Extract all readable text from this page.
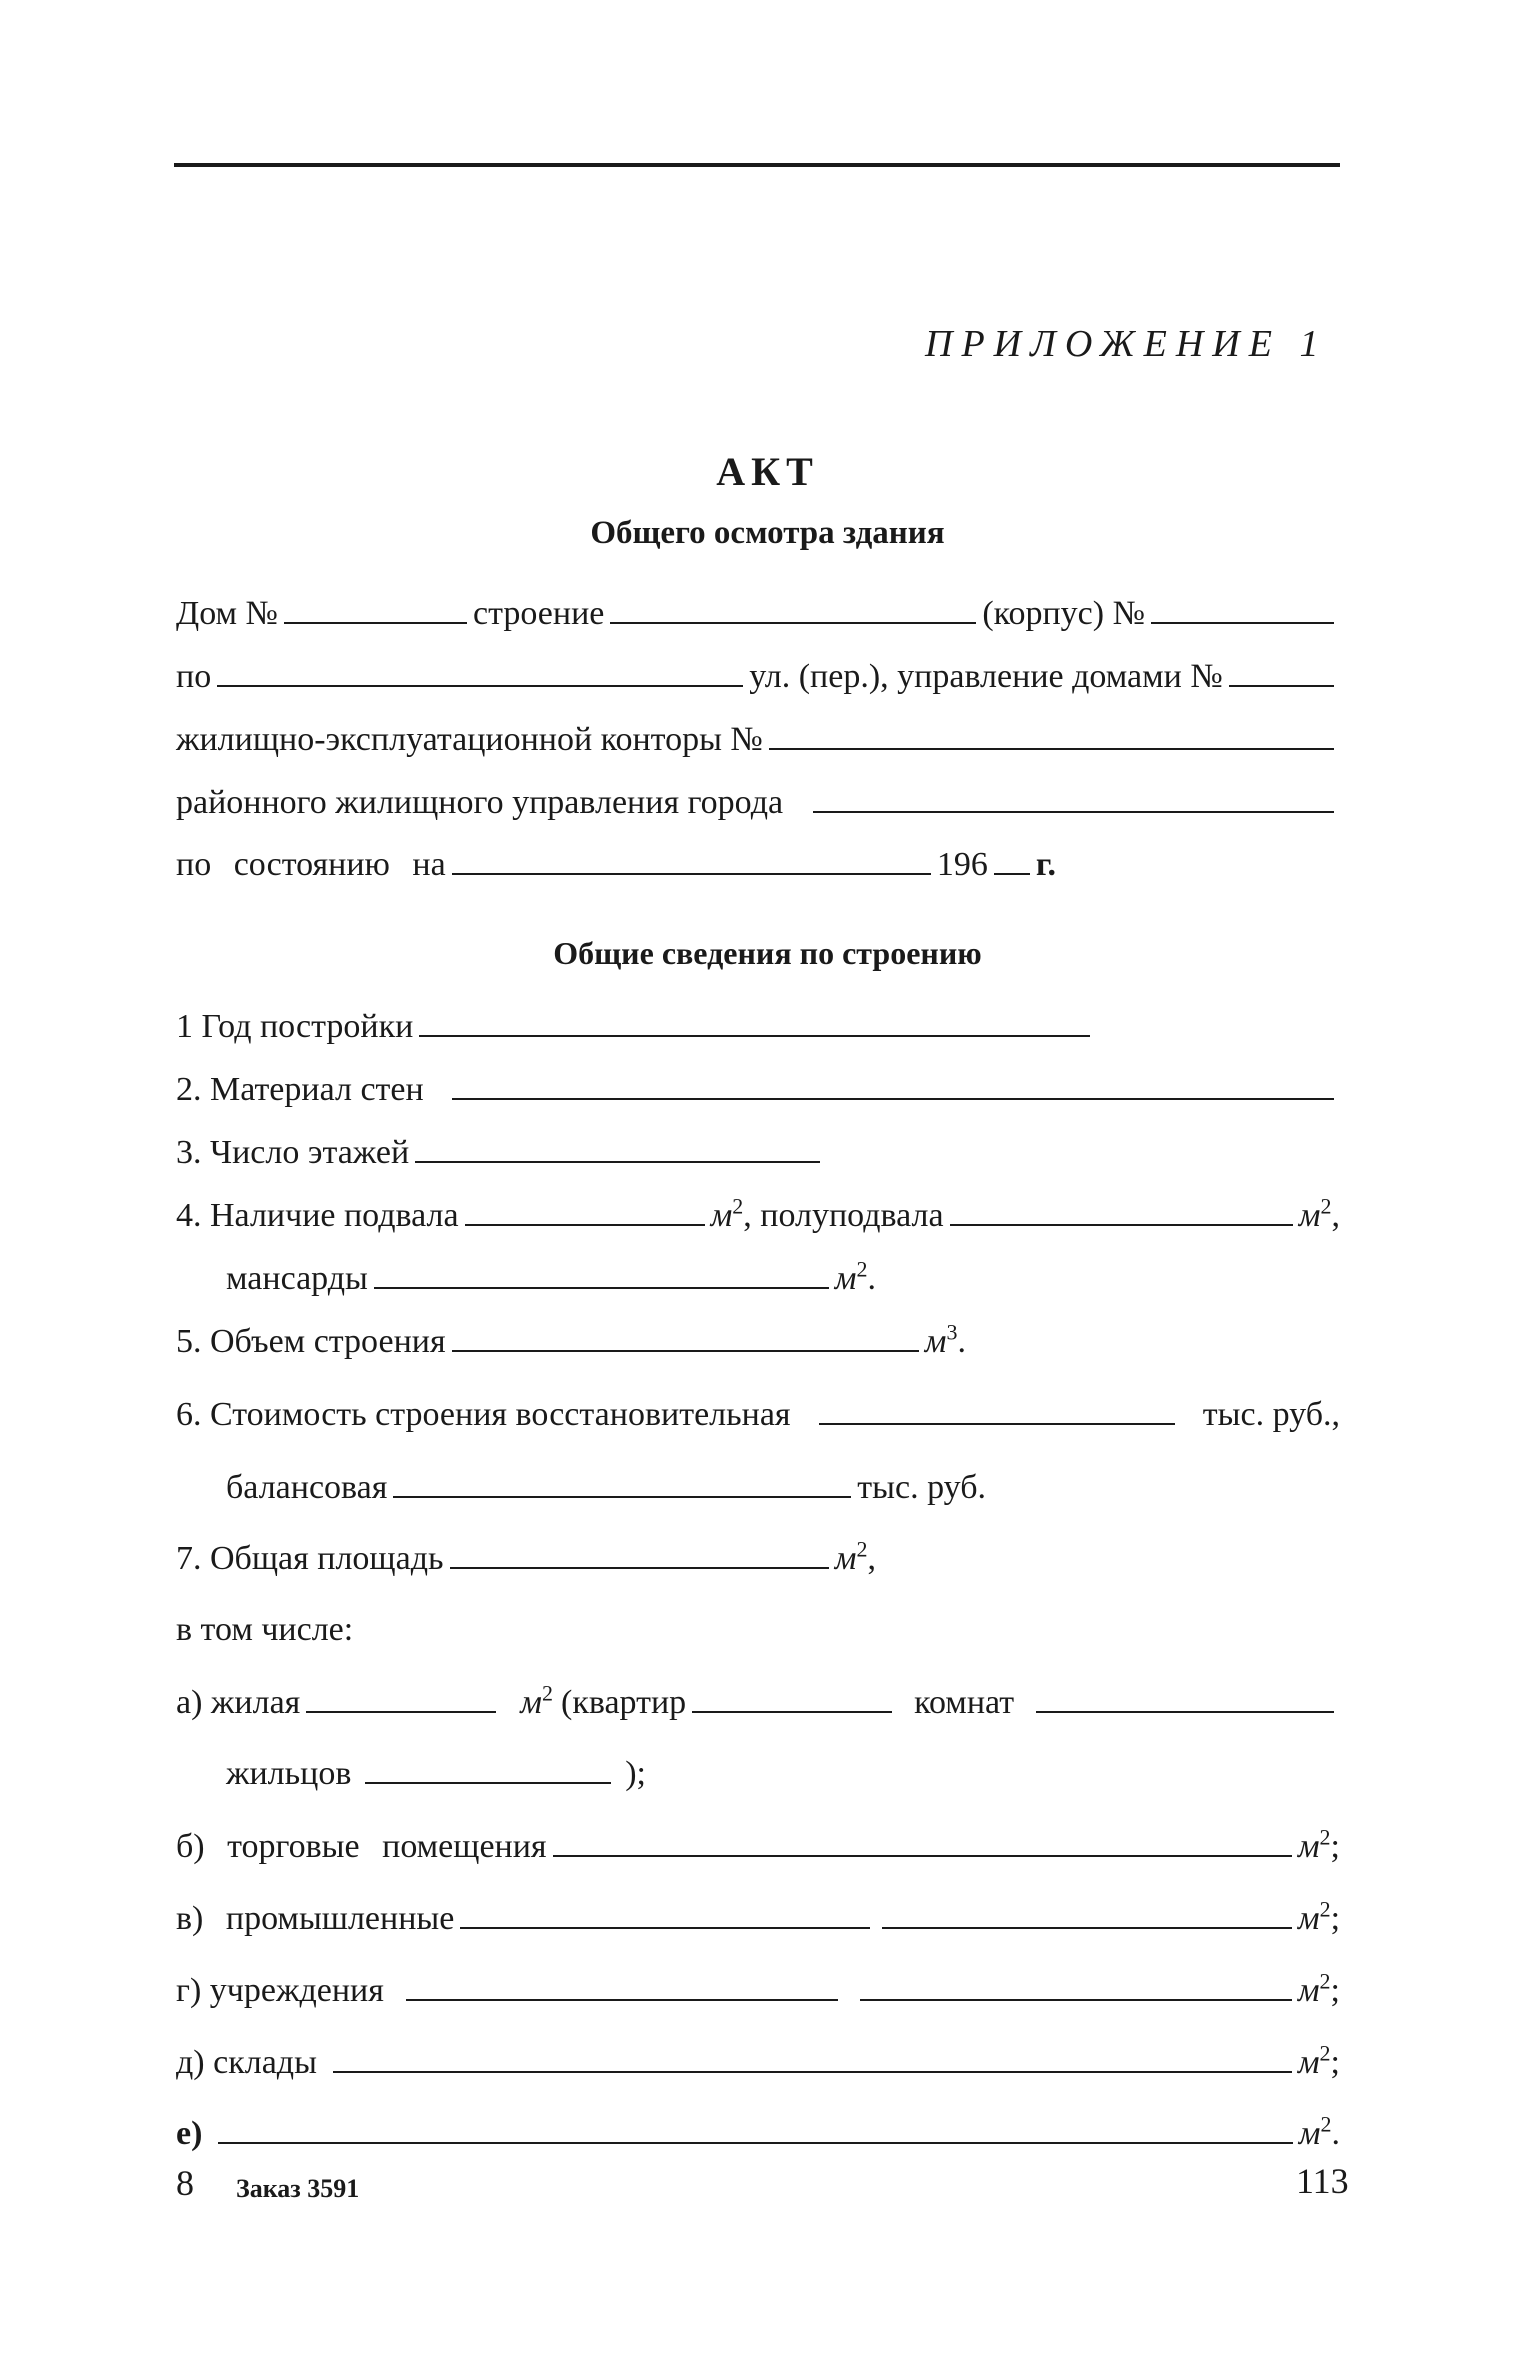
ПРИЛОЖЕНИЕ 1
АКТ
Общего осмотра здания
Дом №	строение	(корпус) №
по	ул. (пер.), управление домами №
жилищно-эксплуатационной конторы №
районного жилищного управления города
по состоянию на	196 г.
Общие сведения по строению
1 Год постройки
2. Материал стен
3. Число этажей
4. Наличие подвала	$м^2$ , полуподвала	$м^2$,
мансарды	$м^2$.
5. Объем строения	$м^3$.
6. Стоимость строения восстановительная	тыс. руб.,
балансовая	тыс. руб.
7. Общая площадь	$м^2$,
в том числе:
а) жилая	$м^2$ (квартир	комнат
жильцов	);
б) торговые помещения	$м^2$;
в) промышленные	$м^2$;
г) учреждения	$м^2$;
д) склады	$м^2$;
е)	$м^2$.
8 Заказ 3591	113
